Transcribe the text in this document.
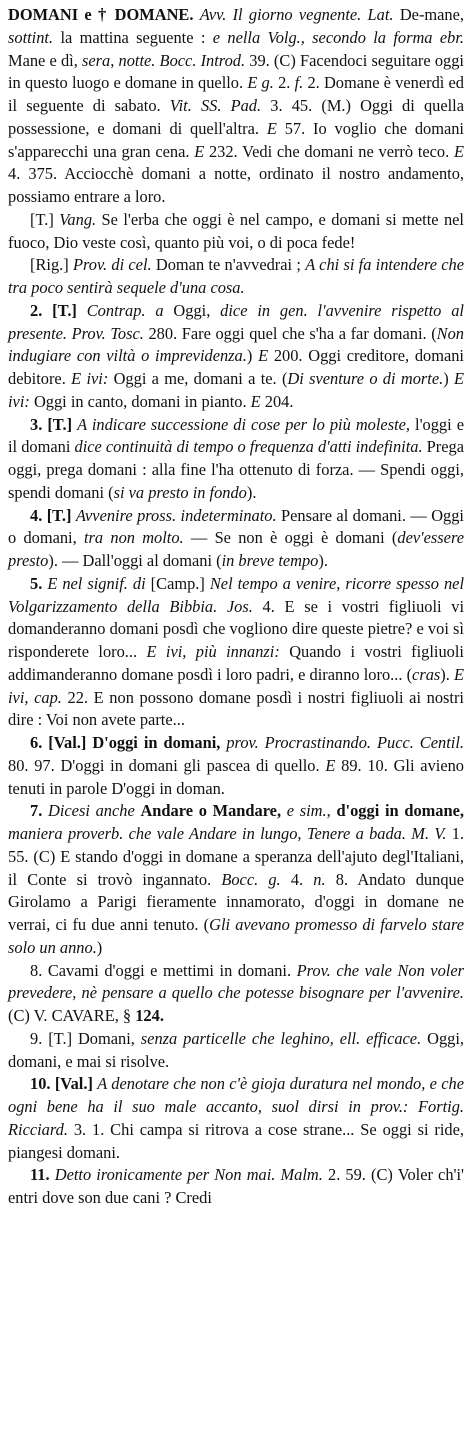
DOMANI e † DOMANE. Avv. Il giorno vegnente. Lat. De-mane, sottint. la mattina seguente : e nella Volg., secondo la forma ebr. Mane e dì, sera, notte. Bocc. Introd. 39. (C) Facendoci seguitare oggi in questo luogo e domane in quello. E g. 2. f. 2. Domane è venerdì ed il seguente di sabato. Vit. SS. Pad. 3. 45. (M.) Oggi di quella possessione, e domani di quell'altra. E 57. Io voglio che domani s'apparecchi una gran cena. E 232. Vedi che domani ne verrò teco. E 4. 375. Acciocchè domani a notte, ordinato il nostro andamento, possiamo entrare a loro.

[T.] Vang. Se l'erba che oggi è nel campo, e domani si mette nel fuoco, Dio veste così, quanto più voi, o di poca fede!

[Rig.] Prov. di cel. Doman te n'avvedrai ; A chi si fa intendere che tra poco sentirà sequele d'una cosa.

2. [T.] Contrap. a Oggi, dice in gen. l'avvenire rispetto al presente. Prov. Tosc. 280. Fare oggi quel che s'ha a far domani. (Non indugiare con viltà o imprevidenza.) E 200. Oggi creditore, domani debitore. E ivi: Oggi a me, domani a te. (Di sventure o di morte.) E ivi: Oggi in canto, domani in pianto. E 204.

3. [T.] A indicare successione di cose per lo più moleste, l'oggi e il domani dice continuità di tempo o frequenza d'atti indefinita. Prega oggi, prega domani : alla fine l'ha ottenuto di forza. — Spendi oggi, spendi domani (si va presto in fondo).

4. [T.] Avvenire pross. indeterminato. Pensare al domani. — Oggi o domani, tra non molto. — Se non è oggi è domani (dev'essere presto). — Dall'oggi al domani (in breve tempo).

5. E nel signif. di [Camp.] Nel tempo a venire, ricorre spesso nel Volgarizzamento della Bibbia. Jos. 4. E se i vostri figliuoli vi domanderanno domani posdì che vogliono dire queste pietre? e voi sì risponderete loro... E ivi, più innanzi: Quando i vostri figliuoli addimanderanno domane posdì i loro padri, e diranno loro... (cras). E ivi, cap. 22. E non possono domane posdì i nostri figliuoli ai nostri dire : Voi non avete parte...

6. [Val.] D'oggi in domani, prov. Procrastinando. Pucc. Centil. 80. 97. D'oggi in domani gli pascea di quello. E 89. 10. Gli avieno tenuti in parole D'oggi in doman.

7. Dicesi anche Andare o Mandare, e sim., d'oggi in domane, maniera proverb. che vale Andare in lungo, Tenere a bada. M. V. 1. 55. (C) E stando d'oggi in domane a speranza dell'ajuto degl'Italiani, il Conte si trovò ingannato. Bocc. g. 4. n. 8. Andato dunque Girolamo a Parigi fieramente innamorato, d'oggi in domane ne verrai, ci fu due anni tenuto. (Gli avevano promesso di farvelo stare solo un anno.)

8. Cavami d'oggi e mettimi in domani. Prov. che vale Non voler prevedere, nè pensare a quello che potesse bisognare per l'avvenire. (C) V. CAVARE, § 124.

9. [T.] Domani, senza particelle che leghino, ell. efficace. Oggi, domani, e mai si risolve.

10. [Val.] A denotare che non c'è gioja duratura nel mondo, e che ogni bene ha il suo male accanto, suol dirsi in prov.: Fortig. Ricciard. 3. 1. Chi campa si ritrova a cose strane... Se oggi si ride, piangesi domani.

11. Detto ironicamente per Non mai. Malm. 2. 59. (C) Voler ch'i' entri dove son due cani ? Credi
